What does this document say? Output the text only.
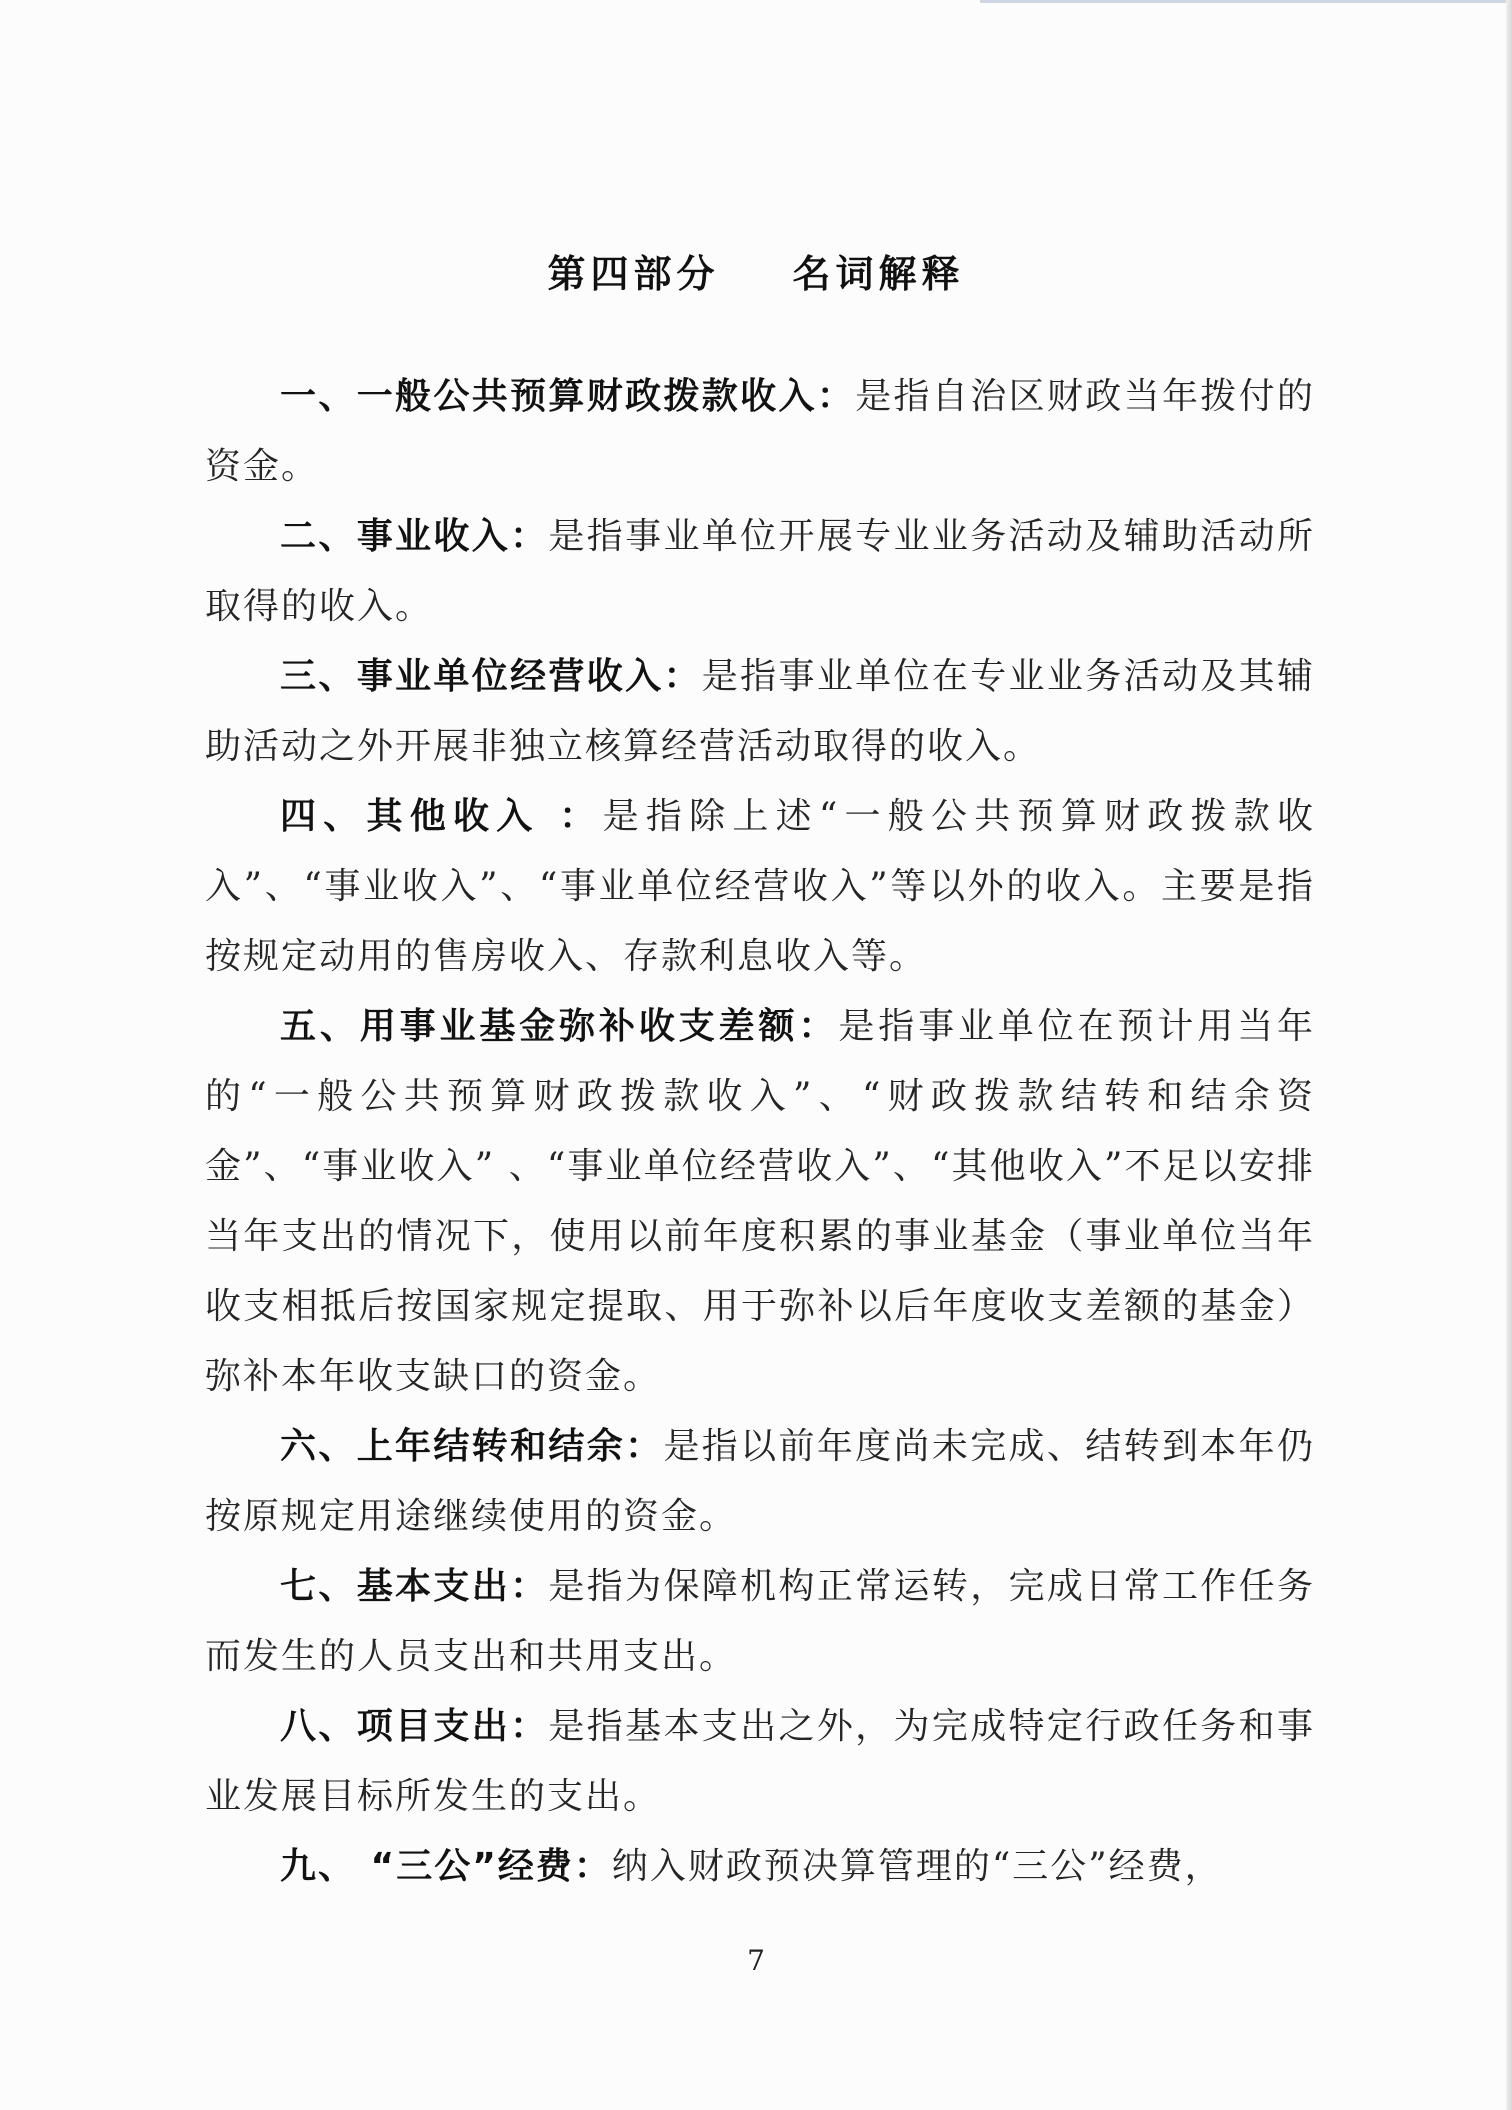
第四部分    名词解释

一、一般公共预算财政拨款收入：是指自治区财政当年拨付的资金。

二、事业收入：是指事业单位开展专业业务活动及辅助活动所取得的收入。

三、事业单位经营收入：是指事业单位在专业业务活动及其辅助活动之外开展非独立核算经营活动取得的收入。

四、其他收入 ：是指除上述“一般公共预算财政拨款收入”、“事业收入”、“事业单位经营收入”等以外的收入。主要是指按规定动用的售房收入、存款利息收入等。

五、用事业基金弥补收支差额：是指事业单位在预计用当年的“一般公共预算财政拨款收入”、“财政拨款结转和结余资金”、“事业收入” 、“事业单位经营收入”、“其他收入”不足以安排当年支出的情况下，使用以前年度积累的事业基金（事业单位当年收支相抵后按国家规定提取、用于弥补以后年度收支差额的基金）弥补本年收支缺口的资金。

六、上年结转和结余：是指以前年度尚未完成、结转到本年仍按原规定用途继续使用的资金。

七、基本支出：是指为保障机构正常运转，完成日常工作任务而发生的人员支出和共用支出。

八、项目支出：是指基本支出之外，为完成特定行政任务和事业发展目标所发生的支出。

九、 “三公”经费：纳入财政预决算管理的“三公”经费，

7
